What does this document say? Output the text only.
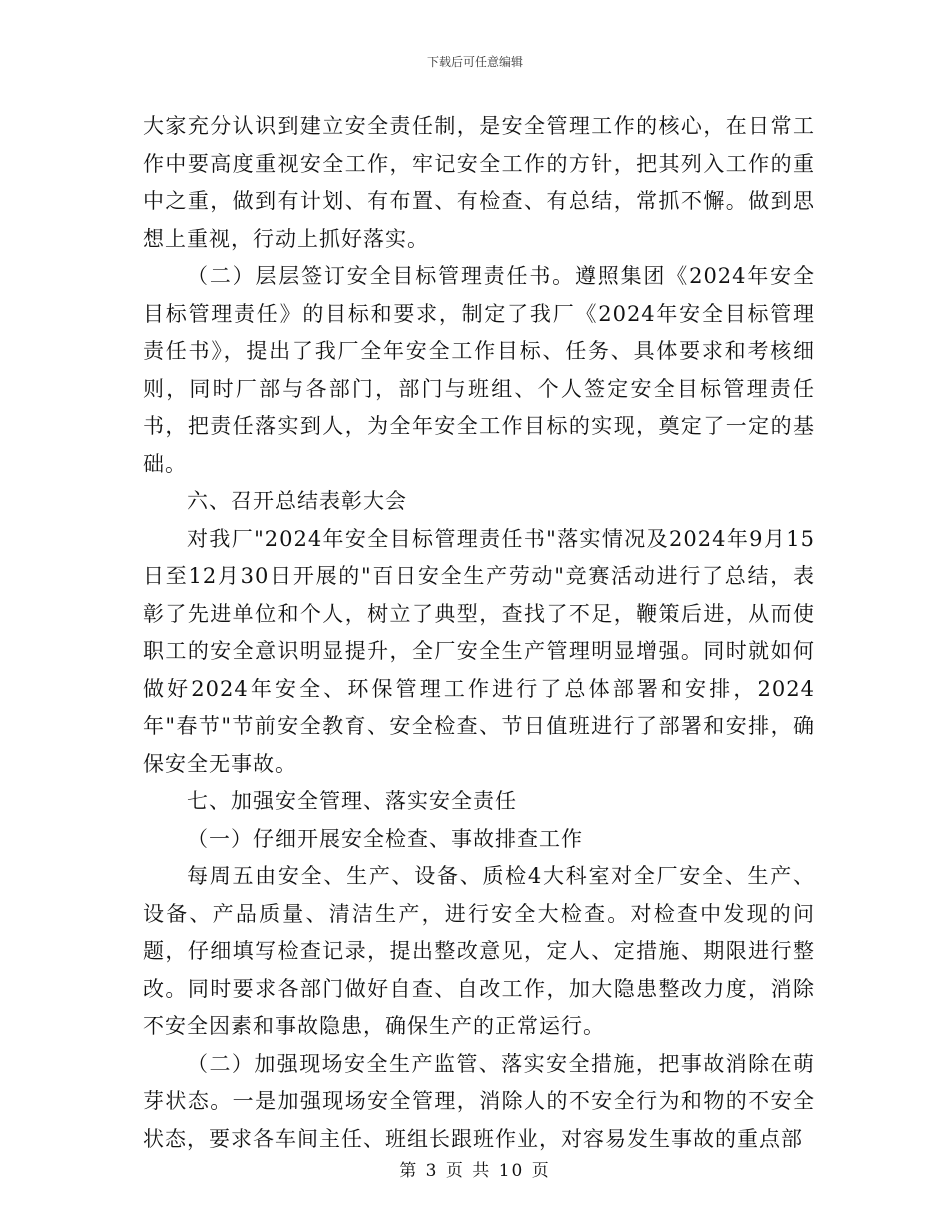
下载后可任意编辑

大家充分认识到建立安全责任制，是安全管理工作的核心，在日常工作中要高度重视安全工作，牢记安全工作的方针，把其列入工作的重中之重，做到有计划、有布置、有检查、有总结，常抓不懈。做到思想上重视，行动上抓好落实。

（二）层层签订安全目标管理责任书。遵照集团《2024年安全目标管理责任》的目标和要求，制定了我厂《2024年安全目标管理责任书》，提出了我厂全年安全工作目标、任务、具体要求和考核细则，同时厂部与各部门，部门与班组、个人签定安全目标管理责任书，把责任落实到人，为全年安全工作目标的实现，奠定了一定的基础。

六、召开总结表彰大会

对我厂"2024年安全目标管理责任书"落实情况及2024年9月15日至12月30日开展的"百日安全生产劳动"竞赛活动进行了总结，表彰了先进单位和个人，树立了典型，查找了不足，鞭策后进，从而使职工的安全意识明显提升，全厂安全生产管理明显增强。同时就如何做好2024年安全、环保管理工作进行了总体部署和安排，2024年"春节"节前安全教育、安全检查、节日值班进行了部署和安排，确保安全无事故。

七、加强安全管理、落实安全责任

（一）仔细开展安全检查、事故排查工作

每周五由安全、生产、设备、质检4大科室对全厂安全、生产、设备、产品质量、清洁生产，进行安全大检查。对检查中发现的问题，仔细填写检查记录，提出整改意见，定人、定措施、期限进行整改。同时要求各部门做好自查、自改工作，加大隐患整改力度，消除不安全因素和事故隐患，确保生产的正常运行。

（二）加强现场安全生产监管、落实安全措施，把事故消除在萌芽状态。一是加强现场安全管理，消除人的不安全行为和物的不安全状态，要求各车间主任、班组长跟班作业，对容易发生事故的重点部

第 3 页 共 10 页
